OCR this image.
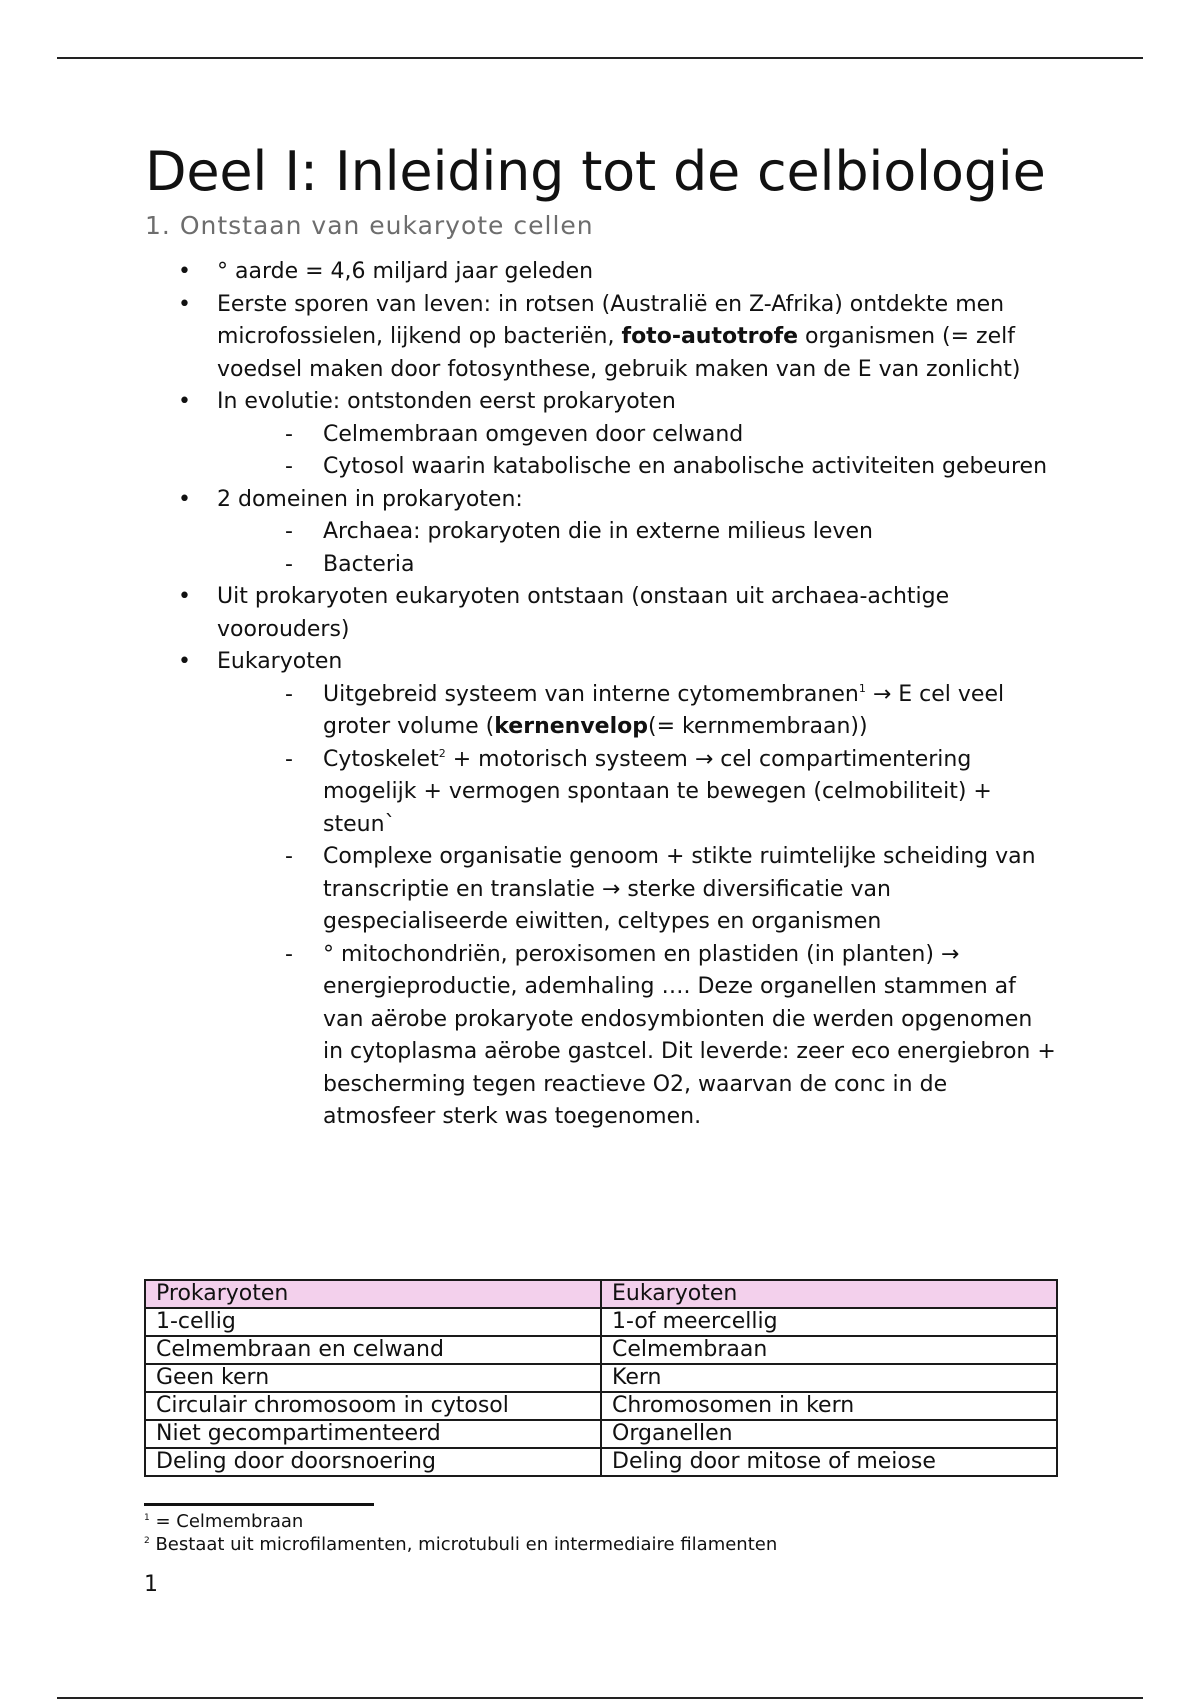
Deel I: Inleiding tot de celbiologie
1. Ontstaan van eukaryote cellen
• ° aarde = 4,6 miljard jaar geleden
• Eerste sporen van leven: in rotsen (Australië en Z-Afrika) ontdekte men microfossielen, lijkend op bacteriën, foto-autotrofe organismen (= zelf voedsel maken door fotosynthese, gebruik maken van de E van zonlicht)
• In evolutie: ontstonden eerst prokaryoten
- Celmembraan omgeven door celwand
- Cytosol waarin katabolische en anabolische activiteiten gebeuren
• 2 domeinen in prokaryoten:
- Archaea: prokaryoten die in externe milieus leven
- Bacteria
• Uit prokaryoten eukaryoten ontstaan (onstaan uit archaea-achtige voorouders)
• Eukaryoten
- Uitgebreid systeem van interne cytomembranen$^1$ → E cel veel groter volume (kernenvelop(= kernmembraan))
- Cytoskelet$^2$ + motorisch systeem → cel compartimentering mogelijk + vermogen spontaan te bewegen (celmobiliteit) + steun`
- Complexe organisatie genoom + stikte ruimtelijke scheiding van transcriptie en translatie → sterke diversificatie van gespecialiseerde eiwitten, celtypes en organismen
- ° mitochondriën, peroxisomen en plastiden (in planten) → energieproductie, ademhaling …. Deze organellen stammen af van aërobe prokaryote endosymbionten die werden opgenomen in cytoplasma aërobe gastcel. Dit leverde: zeer eco energiebron + bescherming tegen reactieve O2, waarvan de conc in de atmosfeer sterk was toegenomen.
Prokaryoten	Eukaryoten
1-cellig	1-of meercellig
Celmembraan en celwand	Celmembraan
Geen kern	Kern
Circulair chromosoom in cytosol	Chromosomen in kern
Niet gecompartimenteerd	Organellen
Deling door doorsnoering	Deling door mitose of meiose
$^1$ = Celmembraan
$^2$ Bestaat uit microfilamenten, microtubuli en intermediaire filamenten
1
